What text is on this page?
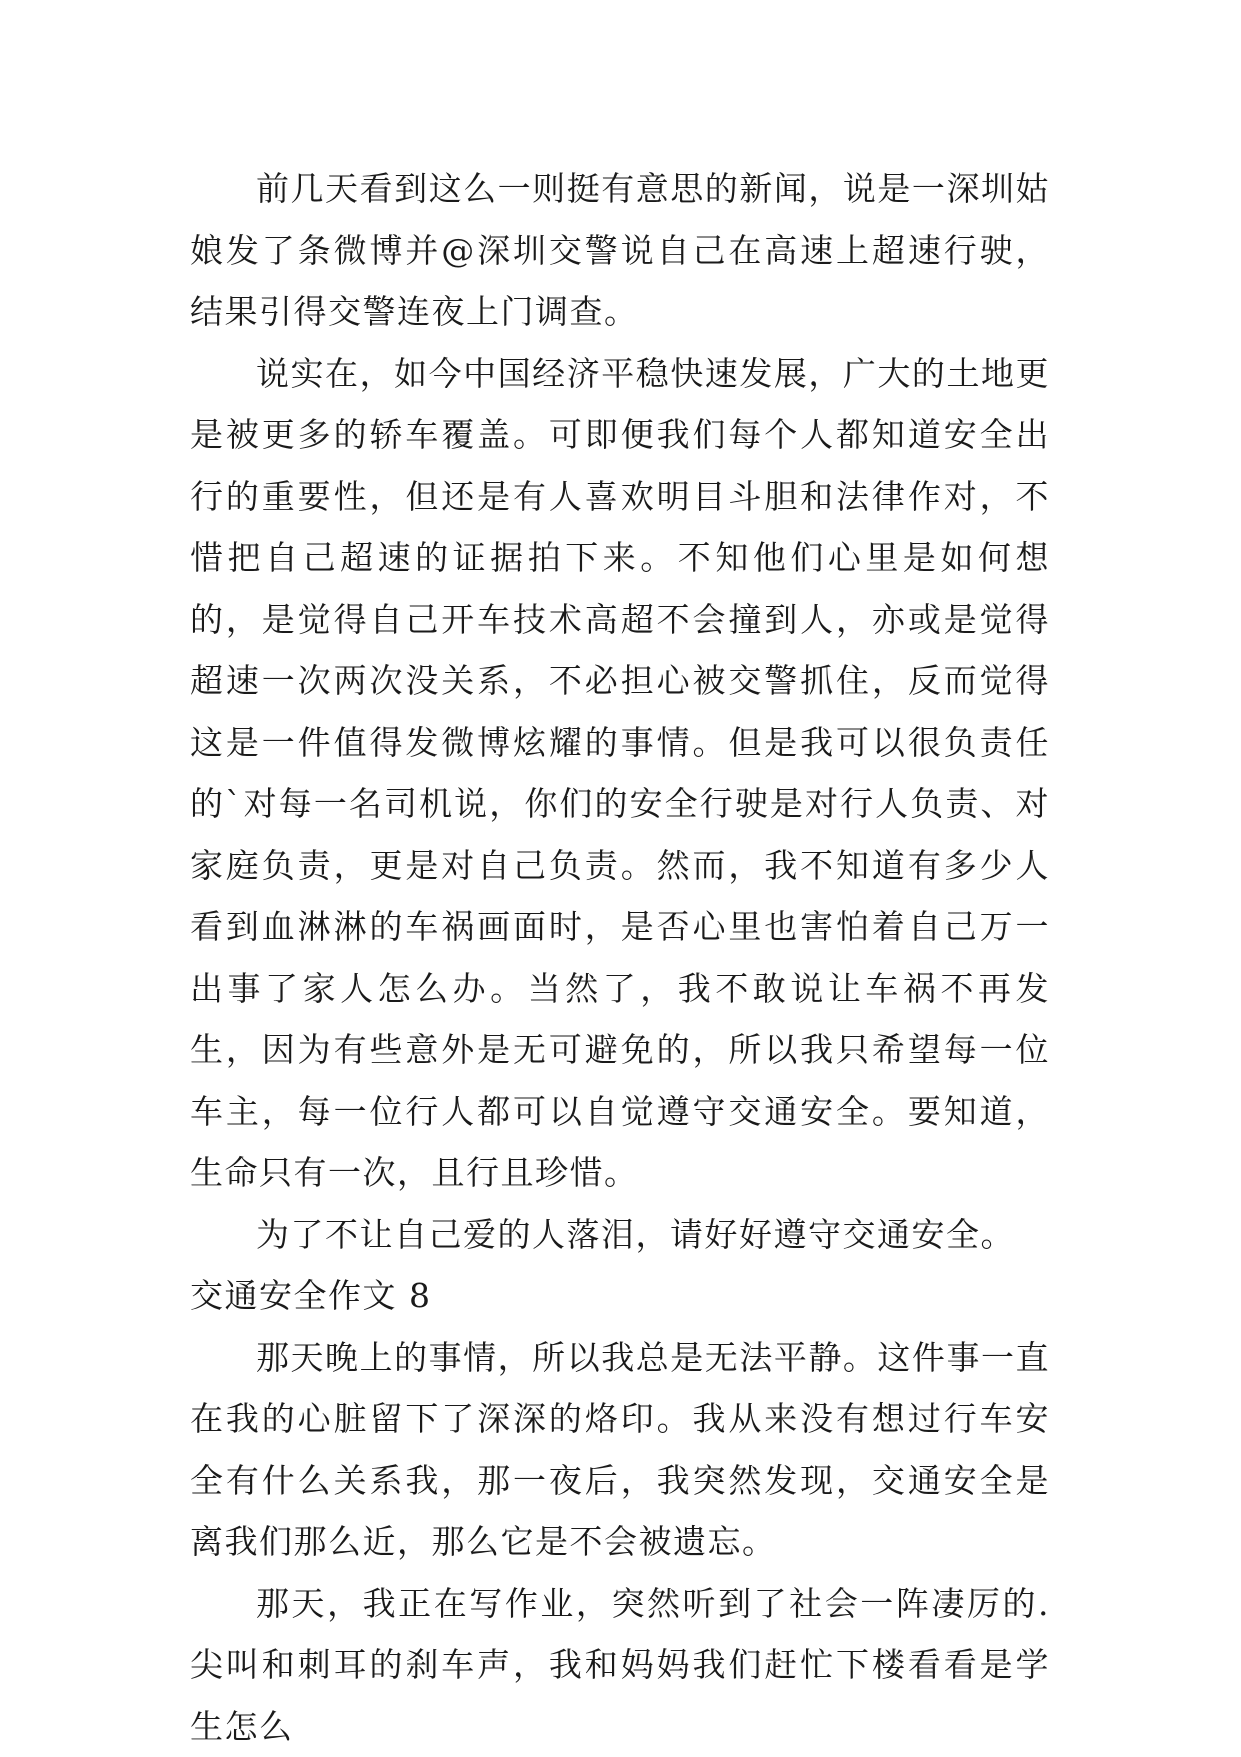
前几天看到这么一则挺有意思的新闻，说是一深圳姑娘发了条微博并@深圳交警说自己在高速上超速行驶，结果引得交警连夜上门调查。

说实在，如今中国经济平稳快速发展，广大的土地更是被更多的轿车覆盖。可即便我们每个人都知道安全出行的重要性，但还是有人喜欢明目斗胆和法律作对，不惜把自己超速的证据拍下来。不知他们心里是如何想的，是觉得自己开车技术高超不会撞到人，亦或是觉得超速一次两次没关系，不必担心被交警抓住，反而觉得这是一件值得发微博炫耀的事情。但是我可以很负责任的`对每一名司机说，你们的安全行驶是对行人负责、对家庭负责，更是对自己负责。然而，我不知道有多少人看到血淋淋的车祸画面时，是否心里也害怕着自己万一出事了家人怎么办。当然了，我不敢说让车祸不再发生，因为有些意外是无可避免的，所以我只希望每一位车主，每一位行人都可以自觉遵守交通安全。要知道，生命只有一次，且行且珍惜。

为了不让自己爱的人落泪，请好好遵守交通安全。

交通安全作文 8

那天晚上的事情，所以我总是无法平静。这件事一直在我的心脏留下了深深的烙印。我从来没有想过行车安全有什么关系我，那一夜后，我突然发现，交通安全是离我们那么近，那么它是不会被遗忘。

那天，我正在写作业，突然听到了社会一阵凄厉的.尖叫和刺耳的刹车声，我和妈妈我们赶忙下楼看看是学生怎么
